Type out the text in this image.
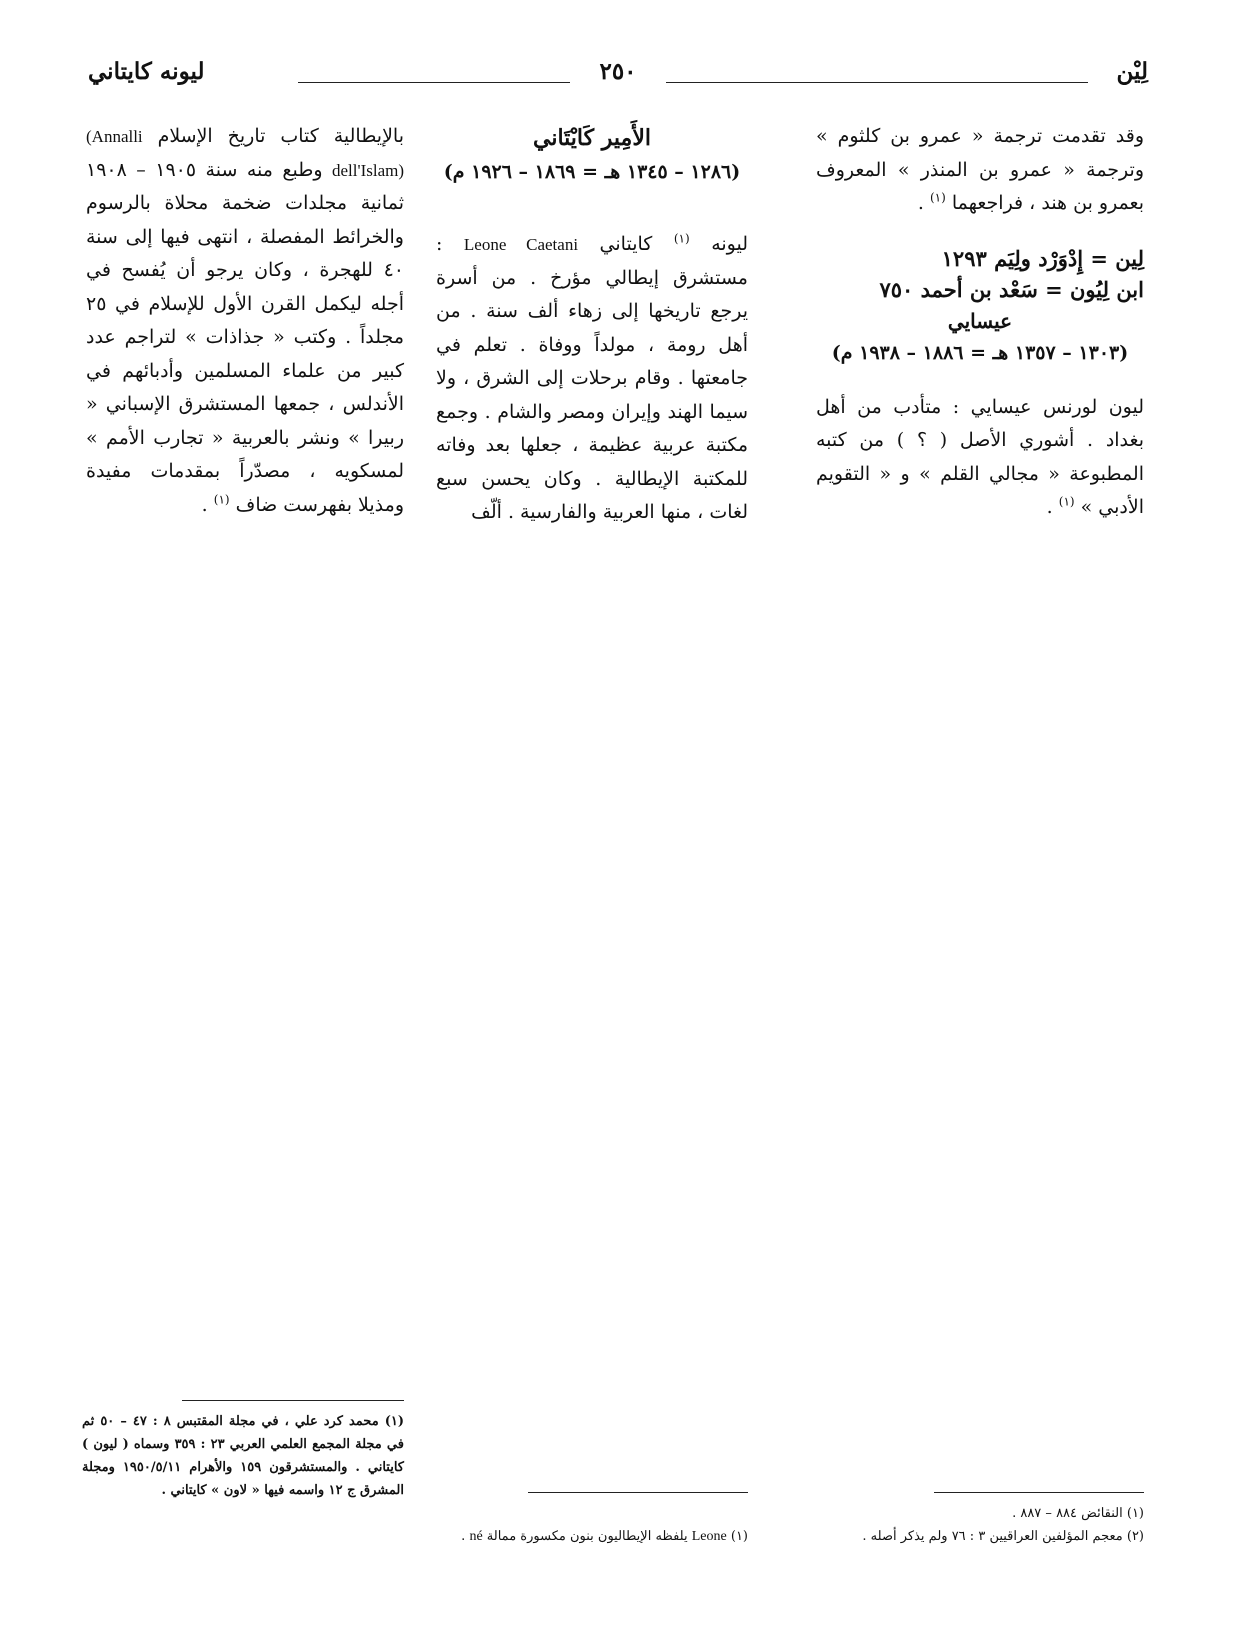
لِيْن
٢٥٠
ليونه كايتاني

وقد تقدمت ترجمة « عمرو بن كلثوم » وترجمة « عمرو بن المنذر » المعروف بعمرو بن هند ، فراجعهما $^{(١)}$ .

لِين = إِدْوَرْد ولِيَم ١٢٩٣

ابن لِيُون = سَعْد بن أحمد ٧٥٠

عيسايي

(١٣٠٣ – ١٣٥٧ هـ = ١٨٨٦ – ١٩٣٨ م)

ليون لورنس عيسايي : متأدب من أهل بغداد . أشوري الأصل ( ؟ ) من كتبه المطبوعة « مجالي القلم » و « التقويم الأدبي » $^{(١)}$ .

الأَمِير كَايْتَاني

(١٢٨٦ – ١٣٤٥ هـ = ١٨٦٩ – ١٩٢٦ م)

ليونه $^{(١)}$ كايتاني Leone Caetani : مستشرق إيطالي مؤرخ . من أسرة يرجع تاريخها إلى زهاء ألف سنة . من أهل رومة ، مولداً ووفاة . تعلم في جامعتها . وقام برحلات إلى الشرق ، ولا سيما الهند وإيران ومصر والشام . وجمع مكتبة عربية عظيمة ، جعلها بعد وفاته للمكتبة الإيطالية . وكان يحسن سبع لغات ، منها العربية والفارسية . ألّف

بالإيطالية كتاب تاريخ الإسلام (Annalli dell'Islam) وطبع منه سنة ١٩٠٥ – ١٩٠٨ ثمانية مجلدات ضخمة محلاة بالرسوم والخرائط المفصلة ، انتهى فيها إلى سنة ٤٠ للهجرة ، وكان يرجو أن يُفسح في أجله ليكمل القرن الأول للإسلام في ٢٥ مجلداً . وكتب « جذاذات » لتراجم عدد كبير من علماء المسلمين وأدبائهم في الأندلس ، جمعها المستشرق الإسباني « ربيرا » ونشر بالعربية « تجارب الأمم » لمسكويه ، مصدّراً بمقدمات مفيدة ومذيلا بفهرست ضاف $^{(١)}$ .

(١) محمد كرد علي ، في مجلة المقتبس ٨ : ٤٧ – ٥٠ ثم في مجلة المجمع العلمي العربي ٢٣ : ٣٥٩ وسماه ( ليون ) كايتاني . والمستشرقون ١٥٩ والأهرام ١٩٥٠/٥/١١ ومجلة المشرق ج ١٢ واسمه فيها « لاون » كايتاني .

(١) Leone يلفظه الإيطاليون بنون مكسورة ممالة né .

(١) النقائض ٨٨٤ – ٨٨٧ .

(٢) معجم المؤلفين العراقيين ٣ : ٧٦ ولم يذكر أصله .
